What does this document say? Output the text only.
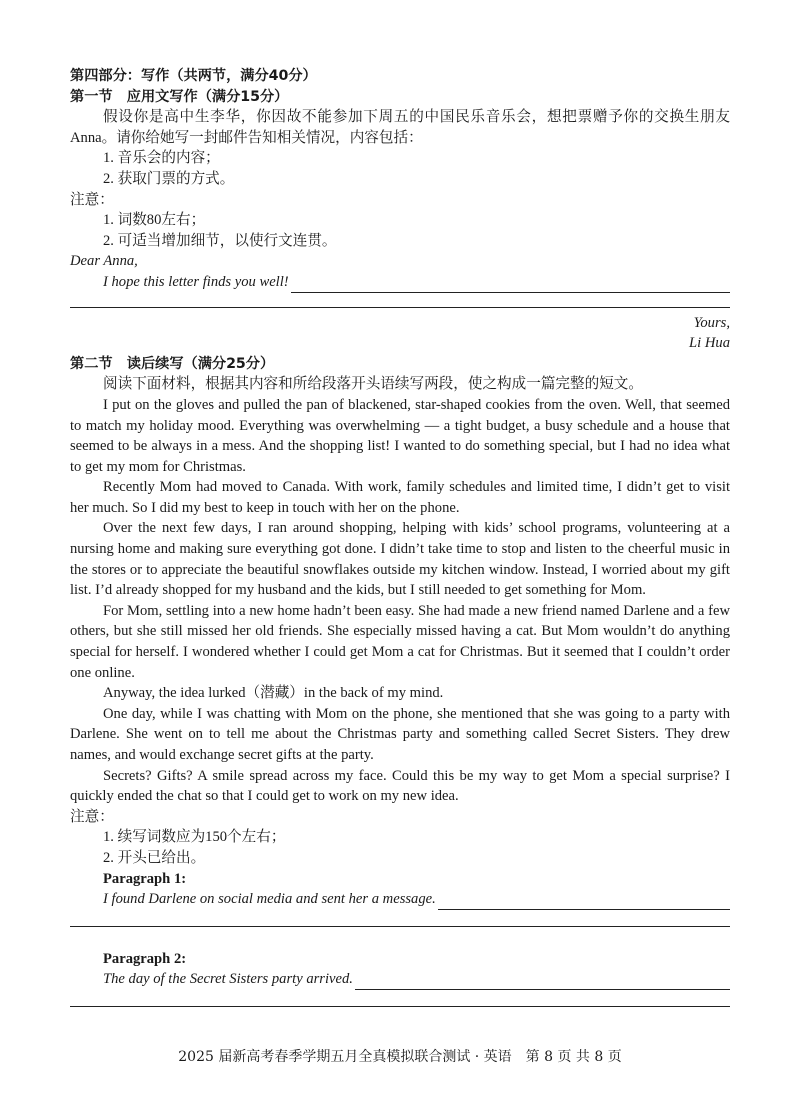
第四部分：写作（共两节，满分40分）

第一节　应用文写作（满分15分）

假设你是高中生李华，你因故不能参加下周五的中国民乐音乐会，想把票赠予你的交换生朋友 Anna。请你给她写一封邮件告知相关情况，内容包括：

1. 音乐会的内容；

2. 获取门票的方式。

注意：

1. 词数80左右；

2. 可适当增加细节，以使行文连贯。

Dear Anna,

I hope this letter finds you well!

Yours,

Li Hua

第二节　读后续写（满分25分）

阅读下面材料，根据其内容和所给段落开头语续写两段，使之构成一篇完整的短文。

I put on the gloves and pulled the pan of blackened, star-shaped cookies from the oven. Well, that seemed to match my holiday mood. Everything was overwhelming — a tight budget, a busy schedule and a house that seemed to be always in a mess. And the shopping list! I wanted to do something special, but I had no idea what to get my mom for Christmas.

Recently Mom had moved to Canada. With work, family schedules and limited time, I didn’t get to visit her much. So I did my best to keep in touch with her on the phone.

Over the next few days, I ran around shopping, helping with kids’ school programs, volunteering at a nursing home and making sure everything got done. I didn’t take time to stop and listen to the cheerful music in the stores or to appreciate the beautiful snowflakes outside my kitchen window. Instead, I worried about my gift list. I’d already shopped for my husband and the kids, but I still needed to get something for Mom.

For Mom, settling into a new home hadn’t been easy. She had made a new friend named Darlene and a few others, but she still missed her old friends. She especially missed having a cat. But Mom wouldn’t do anything special for herself. I wondered whether I could get Mom a cat for Christmas. But it seemed that I couldn’t order one online.

Anyway, the idea lurked（潜藏）in the back of my mind.

One day, while I was chatting with Mom on the phone, she mentioned that she was going to a party with Darlene. She went on to tell me about the Christmas party and something called Secret Sisters. They drew names, and would exchange secret gifts at the party.

Secrets? Gifts? A smile spread across my face. Could this be my way to get Mom a special surprise? I quickly ended the chat so that I could get to work on my new idea.

注意：

1. 续写词数应为150个左右；

2. 开头已给出。

Paragraph 1:

I found Darlene on social media and sent her a message.

Paragraph 2:

The day of the Secret Sisters party arrived.
2025 届新高考春季学期五月全真模拟联合测试 · 英语　第 8 页 共 8 页
